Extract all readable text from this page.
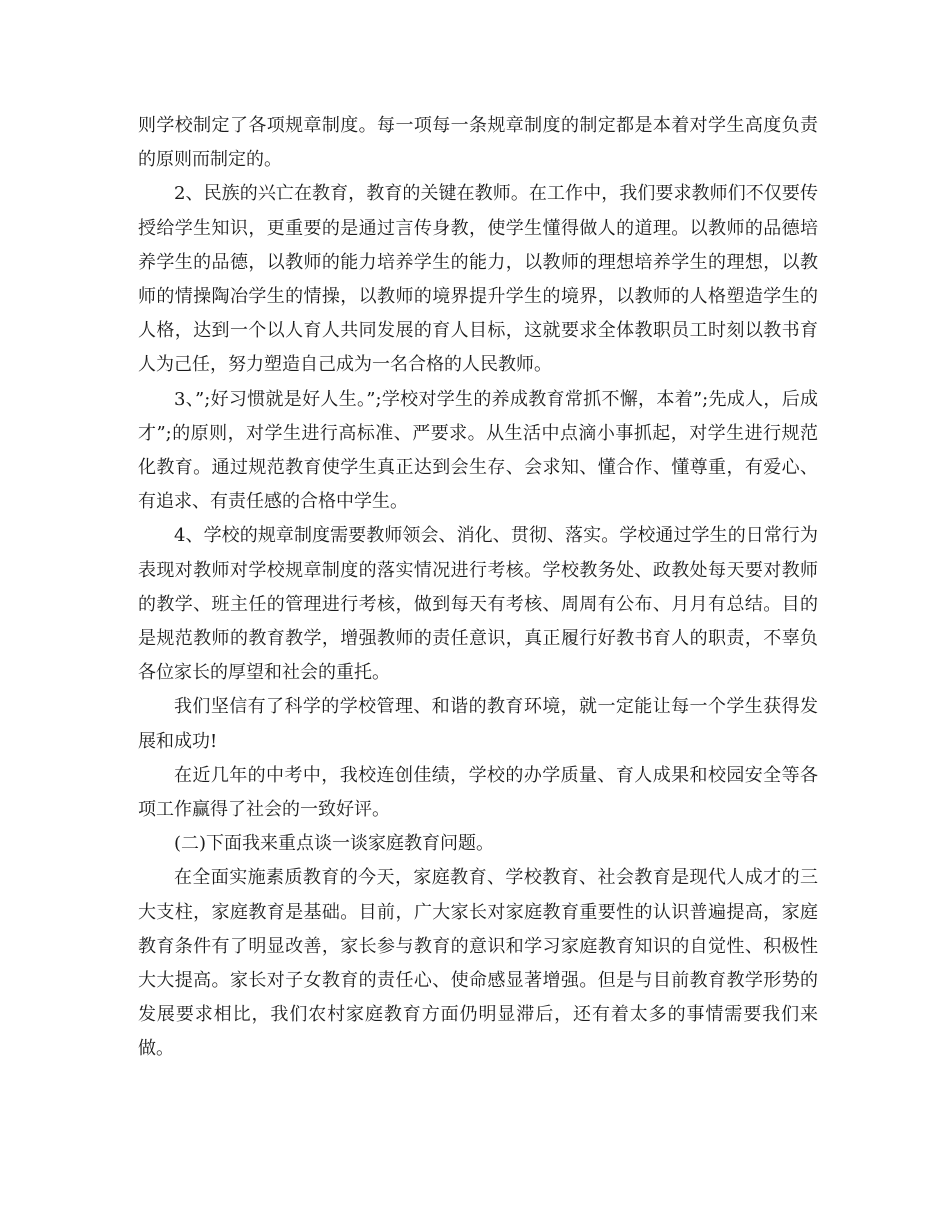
则学校制定了各项规章制度。每一项每一条规章制度的制定都是本着对学生高度负责的原则而制定的。

2、民族的兴亡在教育，教育的关键在教师。在工作中，我们要求教师们不仅要传授给学生知识，更重要的是通过言传身教，使学生懂得做人的道理。以教师的品德培养学生的品德，以教师的能力培养学生的能力，以教师的理想培养学生的理想，以教师的情操陶冶学生的情操，以教师的境界提升学生的境界，以教师的人格塑造学生的人格，达到一个以人育人共同发展的育人目标，这就要求全体教职员工时刻以教书育人为己任，努力塑造自己成为一名合格的人民教师。

3、”;好习惯就是好人生。”;学校对学生的养成教育常抓不懈，本着”;先成人，后成才”;的原则，对学生进行高标准、严要求。从生活中点滴小事抓起，对学生进行规范化教育。通过规范教育使学生真正达到会生存、会求知、懂合作、懂尊重，有爱心、有追求、有责任感的合格中学生。

4、学校的规章制度需要教师领会、消化、贯彻、落实。学校通过学生的日常行为表现对教师对学校规章制度的落实情况进行考核。学校教务处、政教处每天要对教师的教学、班主任的管理进行考核，做到每天有考核、周周有公布、月月有总结。目的是规范教师的教育教学，增强教师的责任意识，真正履行好教书育人的职责，不辜负各位家长的厚望和社会的重托。

我们坚信有了科学的学校管理、和谐的教育环境，就一定能让每一个学生获得发展和成功!

在近几年的中考中，我校连创佳绩，学校的办学质量、育人成果和校园安全等各项工作赢得了社会的一致好评。

(二)下面我来重点谈一谈家庭教育问题。

在全面实施素质教育的今天，家庭教育、学校教育、社会教育是现代人成才的三大支柱，家庭教育是基础。目前，广大家长对家庭教育重要性的认识普遍提高，家庭教育条件有了明显改善，家长参与教育的意识和学习家庭教育知识的自觉性、积极性大大提高。家长对子女教育的责任心、使命感显著增强。但是与目前教育教学形势的发展要求相比，我们农村家庭教育方面仍明显滞后，还有着太多的事情需要我们来做。
